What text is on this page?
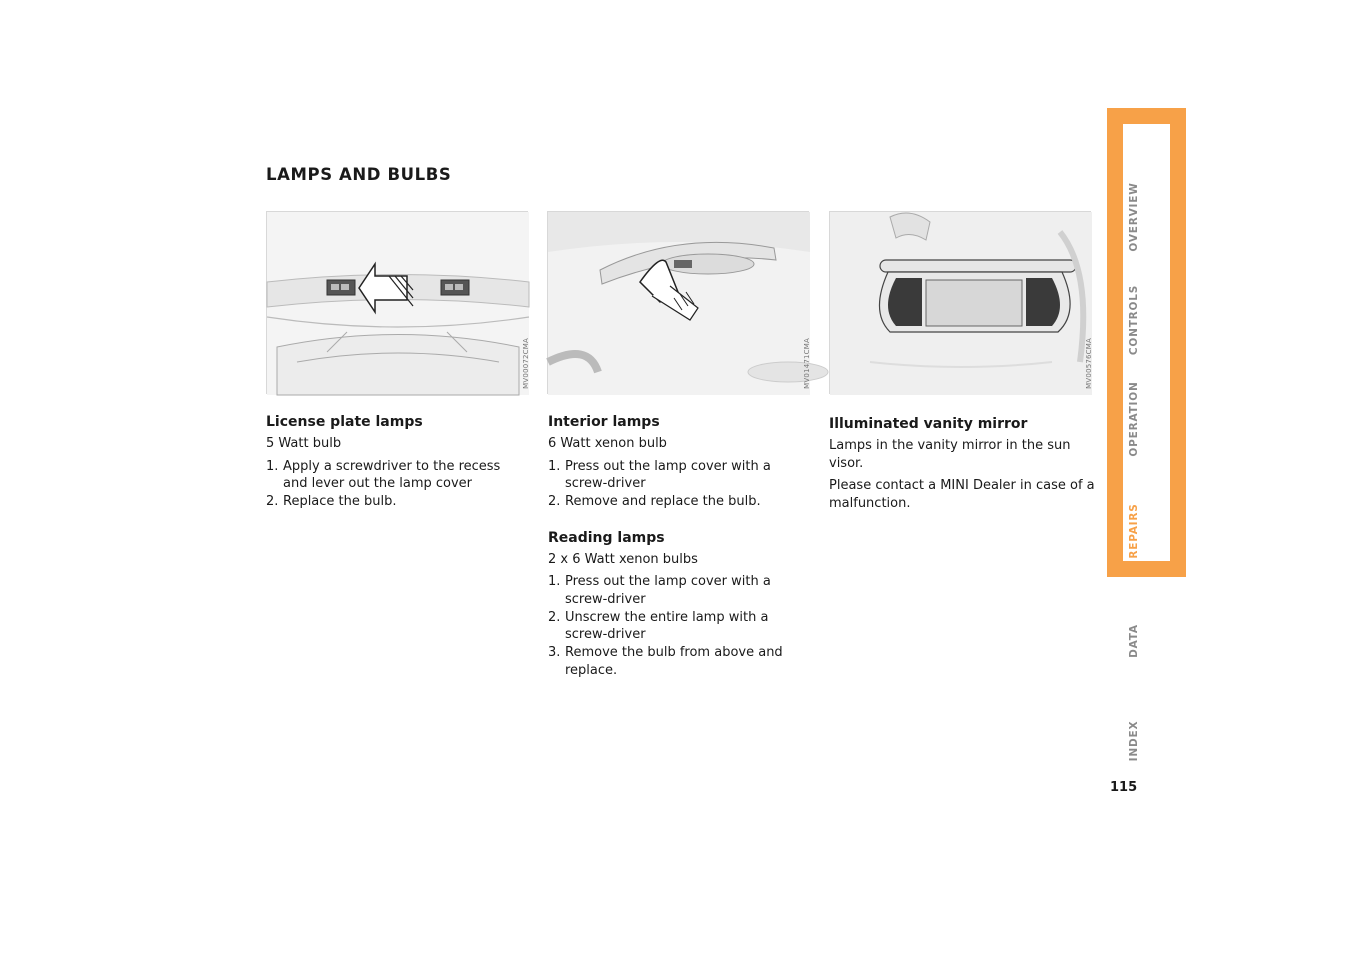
LAMPS AND BULBS
MV00072CMA	MV01471CMA	MV00576CMA
License plate lamps

5 Watt bulb

1. Apply a screwdriver to the recess and lever out the lamp cover
2. Replace the bulb.
Interior lamps

6 Watt xenon bulb

1. Press out the lamp cover with a screw-driver
2. Remove and replace the bulb.
Reading lamps

2 x 6 Watt xenon bulbs

1. Press out the lamp cover with a screw-driver
2. Unscrew the entire lamp with a screw-driver
3. Remove the bulb from above and replace.
Illuminated vanity mirror

Lamps in the vanity mirror in the sun visor.

Please contact a MINI Dealer in case of a malfunction.

OVERVIEW
CONTROLS
OPERATION
REPAIRS
DATA
INDEX
115
